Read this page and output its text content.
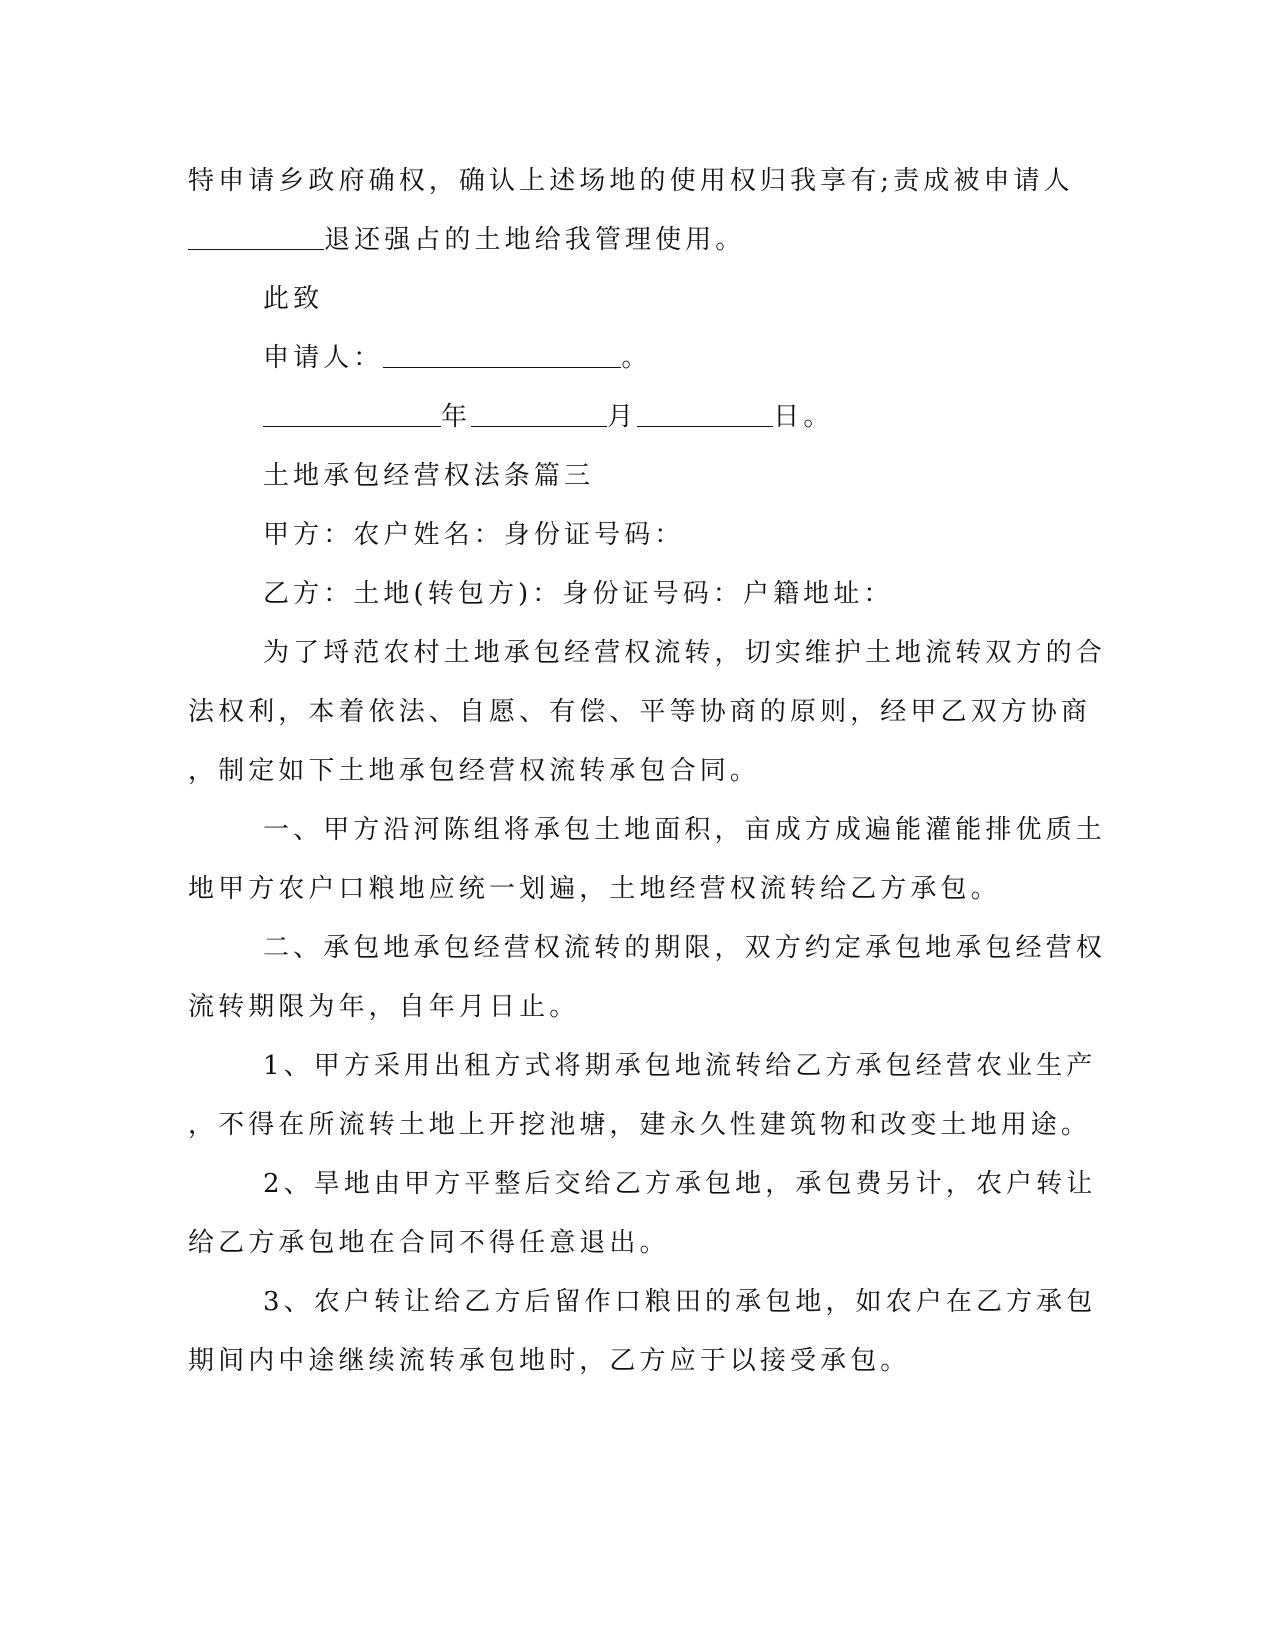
特申请乡政府确权，确认上述场地的使用权归我享有;责成被申请人
退还强占的土地给我管理使用。
此致
申请人：	。
年	月	日。
土地承包经营权法条篇三
甲方：农户姓名：身份证号码：
乙方：土地(转包方)：身份证号码：户籍地址：
为了埒范农村土地承包经营权流转，切实维护土地流转双方的合
法权利，本着依法、自愿、有偿、平等协商的原则，经甲乙双方协商
，制定如下土地承包经营权流转承包合同。
一、甲方沿河陈组将承包土地面积，亩成方成遍能灌能排优质土
地甲方农户口粮地应统一划遍，土地经营权流转给乙方承包。
二、承包地承包经营权流转的期限，双方约定承包地承包经营权
流转期限为年，自年月日止。
1、甲方采用出租方式将期承包地流转给乙方承包经营农业生产
，不得在所流转土地上开挖池塘，建永久性建筑物和改变土地用途。
2、旱地由甲方平整后交给乙方承包地，承包费另计，农户转让
给乙方承包地在合同不得任意退出。
3、农户转让给乙方后留作口粮田的承包地，如农户在乙方承包
期间内中途继续流转承包地时，乙方应于以接受承包。
